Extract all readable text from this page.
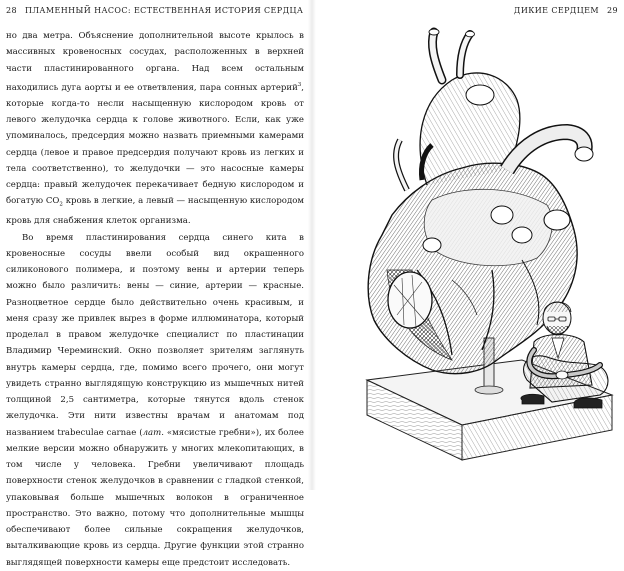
28 ПЛАМЕННЫЙ НАСОС: ЕСТЕСТВЕННАЯ ИСТОРИЯ СЕРДЦА

но два метра. Объяснение дополнительной высоте крылось в массивных кровеносных сосудах, расположенных в верхней части пластинированного органа. Над всем остальным находились дуга аорты и ее ответвления, пара сонных артерий$^3$, которые когда-то несли насыщенную кислородом кровь от левого желудочка сердца к голове животного. Если, как уже упоминалось, предсердия можно назвать приемными камерами сердца (левое и правое предсердия получают кровь из легких и тела соответственно), то желудочки — это насосные камеры сердца: правый желудочек перекачивает бедную кислородом и богатую $CO_2$ кровь в легкие, а левый — насыщенную кислородом кровь для снабжения клеток организма.

Во время пластинирования сердца синего кита в кровеносные сосуды ввели особый вид окрашенного силиконового полимера, и поэтому вены и артерии теперь можно было различить: вены — синие, артерии — красные. Разноцветное сердце было действительно очень красивым, и меня сразу же привлек вырез в форме иллюминатора, который проделал в правом желудочке специалист по пластинации Владимир Череминский. Окно позволяет зрителям заглянуть внутрь камеры сердца, где, помимо всего прочего, они могут увидеть странно выглядящую конструкцию из мышечных нитей толщиной 2,5 сантиметра, которые тянутся вдоль стенок желудочка. Эти нити известны врачам и анатомам под названием trabeculae carnae (лат. «мясистые гребни»), их более мелкие версии можно обнаружить у многих млекопитающих, в том числе у человека. Гребни увеличивают площадь поверхности стенок желудочков в сравнении с гладкой стенкой, упаковывая больше мышечных волокон в ограниченное пространство. Это важно, потому что дополнительные мышцы обеспечивают более сильные сокращения желудочков, выталкивающие кровь из сердца. Другие функции этой странно выглядящей поверхности камеры еще предстоит исследовать.

ДИКИЕ СЕРДЦЕМ 29
